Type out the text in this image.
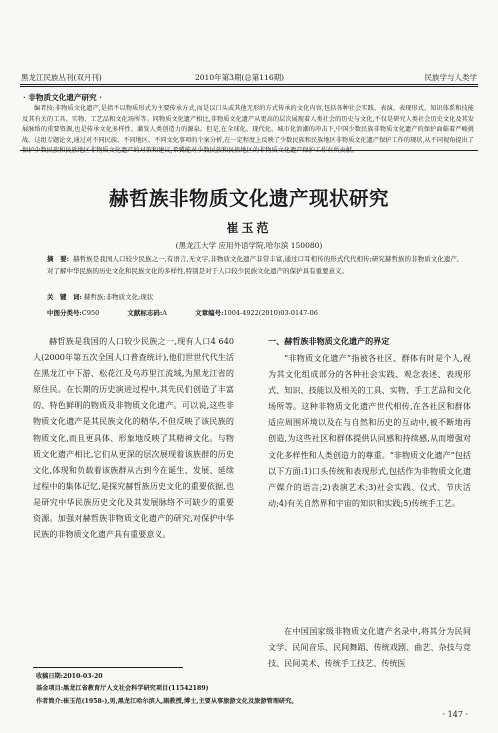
黑龙江民族丛刊(双月刊)	2010年第3期(总第116期)	民族学与人类学
· 非物质文化遗产研究 ·
编者按:非物质文化遗产,是指不以物质形式为主要传承方式,而是以口头或其他无形的方式传承的文化内容,包括各种社会实践、表演、表现形式、知识体系和技能及其有关的工具、实物、工艺品和文化场所等。同物质文化遗产相比,非物质文化遗产从更高的层次展现着人类社会的历史与文化,不仅是研究人类社会历史文化及其发展脉络的重要资源,也是传承文化多样性、激发人类创造力的源泉。但是,在全球化、现代化、城市化浪潮的冲击下,中国少数民族非物质文化遗产的保护面临着严峻挑战。这组专题论文,通过对不同民族、不同地区、不同文化事项的个案分析,在一定程度上反映了少数民族和民族地区非物质文化遗产保护工作的现状,从不同视角提出了保护少数民族和民族地区非物质文化遗产的对策和建议,希冀能对少数民族和民族地区的非物质文化遗产保护工作有所贡献。
赫哲族非物质文化遗产现状研究
崔玉范
(黑龙江大学 应用外语学院,哈尔滨 150080)
摘　要: 赫哲族是我国人口较少民族之一,有语言,无文字,非物质文化遗产非常丰富,通过口耳相传的形式代代相传;研究赫哲族的非物质文化遗产,对了解中华民族的历史文化和民族文化的多样性,特别是对于人口较少民族文化遗产的保护具有重要意义。
关　键　词: 赫哲族;非物质文化;现状
中图分类号:C950	文献标志码:A	文章编号:1004-4922(2010)03-0147-06
赫哲族是我国的人口较少民族之一,现有人口4 640人(2000年第五次全国人口普查统计),他们世世代代生活在黑龙江中下游、松花江及乌苏里江流域,为黑龙江省的原住民。在长期的历史演进过程中,其先民们创造了丰富的、特色鲜明的物质及非物质文化遗产。可以说,这些非物质文化遗产是其民族文化的精华,不但反映了该民族的物质文化,而且更具体、形象地反映了其精神文化。与物质文化遗产相比,它们从更深的层次展现着该族群的历史文化,体现和负载着该族群从古到今在诞生、发展、延续过程中的集体记忆,是探究赫哲族历史文化的重要依据,也是研究中华民族历史文化及其发展脉络不可缺少的重要资源。加强对赫哲族非物质文化遗产的研究,对保护中华民族的非物质文化遗产具有重要意义。
一、赫哲族非物质文化遗产的界定
“非物质文化遗产”指被各社区、群体有时是个人,视为其文化组成部分的各种社会实践、观念表述、表现形式、知识、技能以及相关的工具、实物、手工艺品和文化场所等。这种非物质文化遗产世代相传,在各社区和群体适应周围环境以及在与自然和历史的互动中,被不断地再创造,为这些社区和群体提供认同感和持续感,从而增强对文化多样性和人类创造力的尊重。“非物质文化遗产”包括以下方面:1)口头传统和表现形式,包括作为非物质文化遗产媒介的语言;2)表演艺术;3)社会实践、仪式、节庆活动;4)有关自然界和宇宙的知识和实践;5)传统手工艺。
在中国国家级非物质文化遗产名录中,将其分为民间文学、民间音乐、民间舞蹈、传统戏剧、曲艺、杂技与竞技、民间美术、传统手工技艺、传统医
收稿日期:2010-03-20
基金项目:黑龙江省教育厅人文社会科学研究项目(11542189)
作者简介:崔玉范(1958-),男,黑龙江哈尔滨人,副教授,博士,主要从事旅游文化及旅游管理研究。
· 147 ·
